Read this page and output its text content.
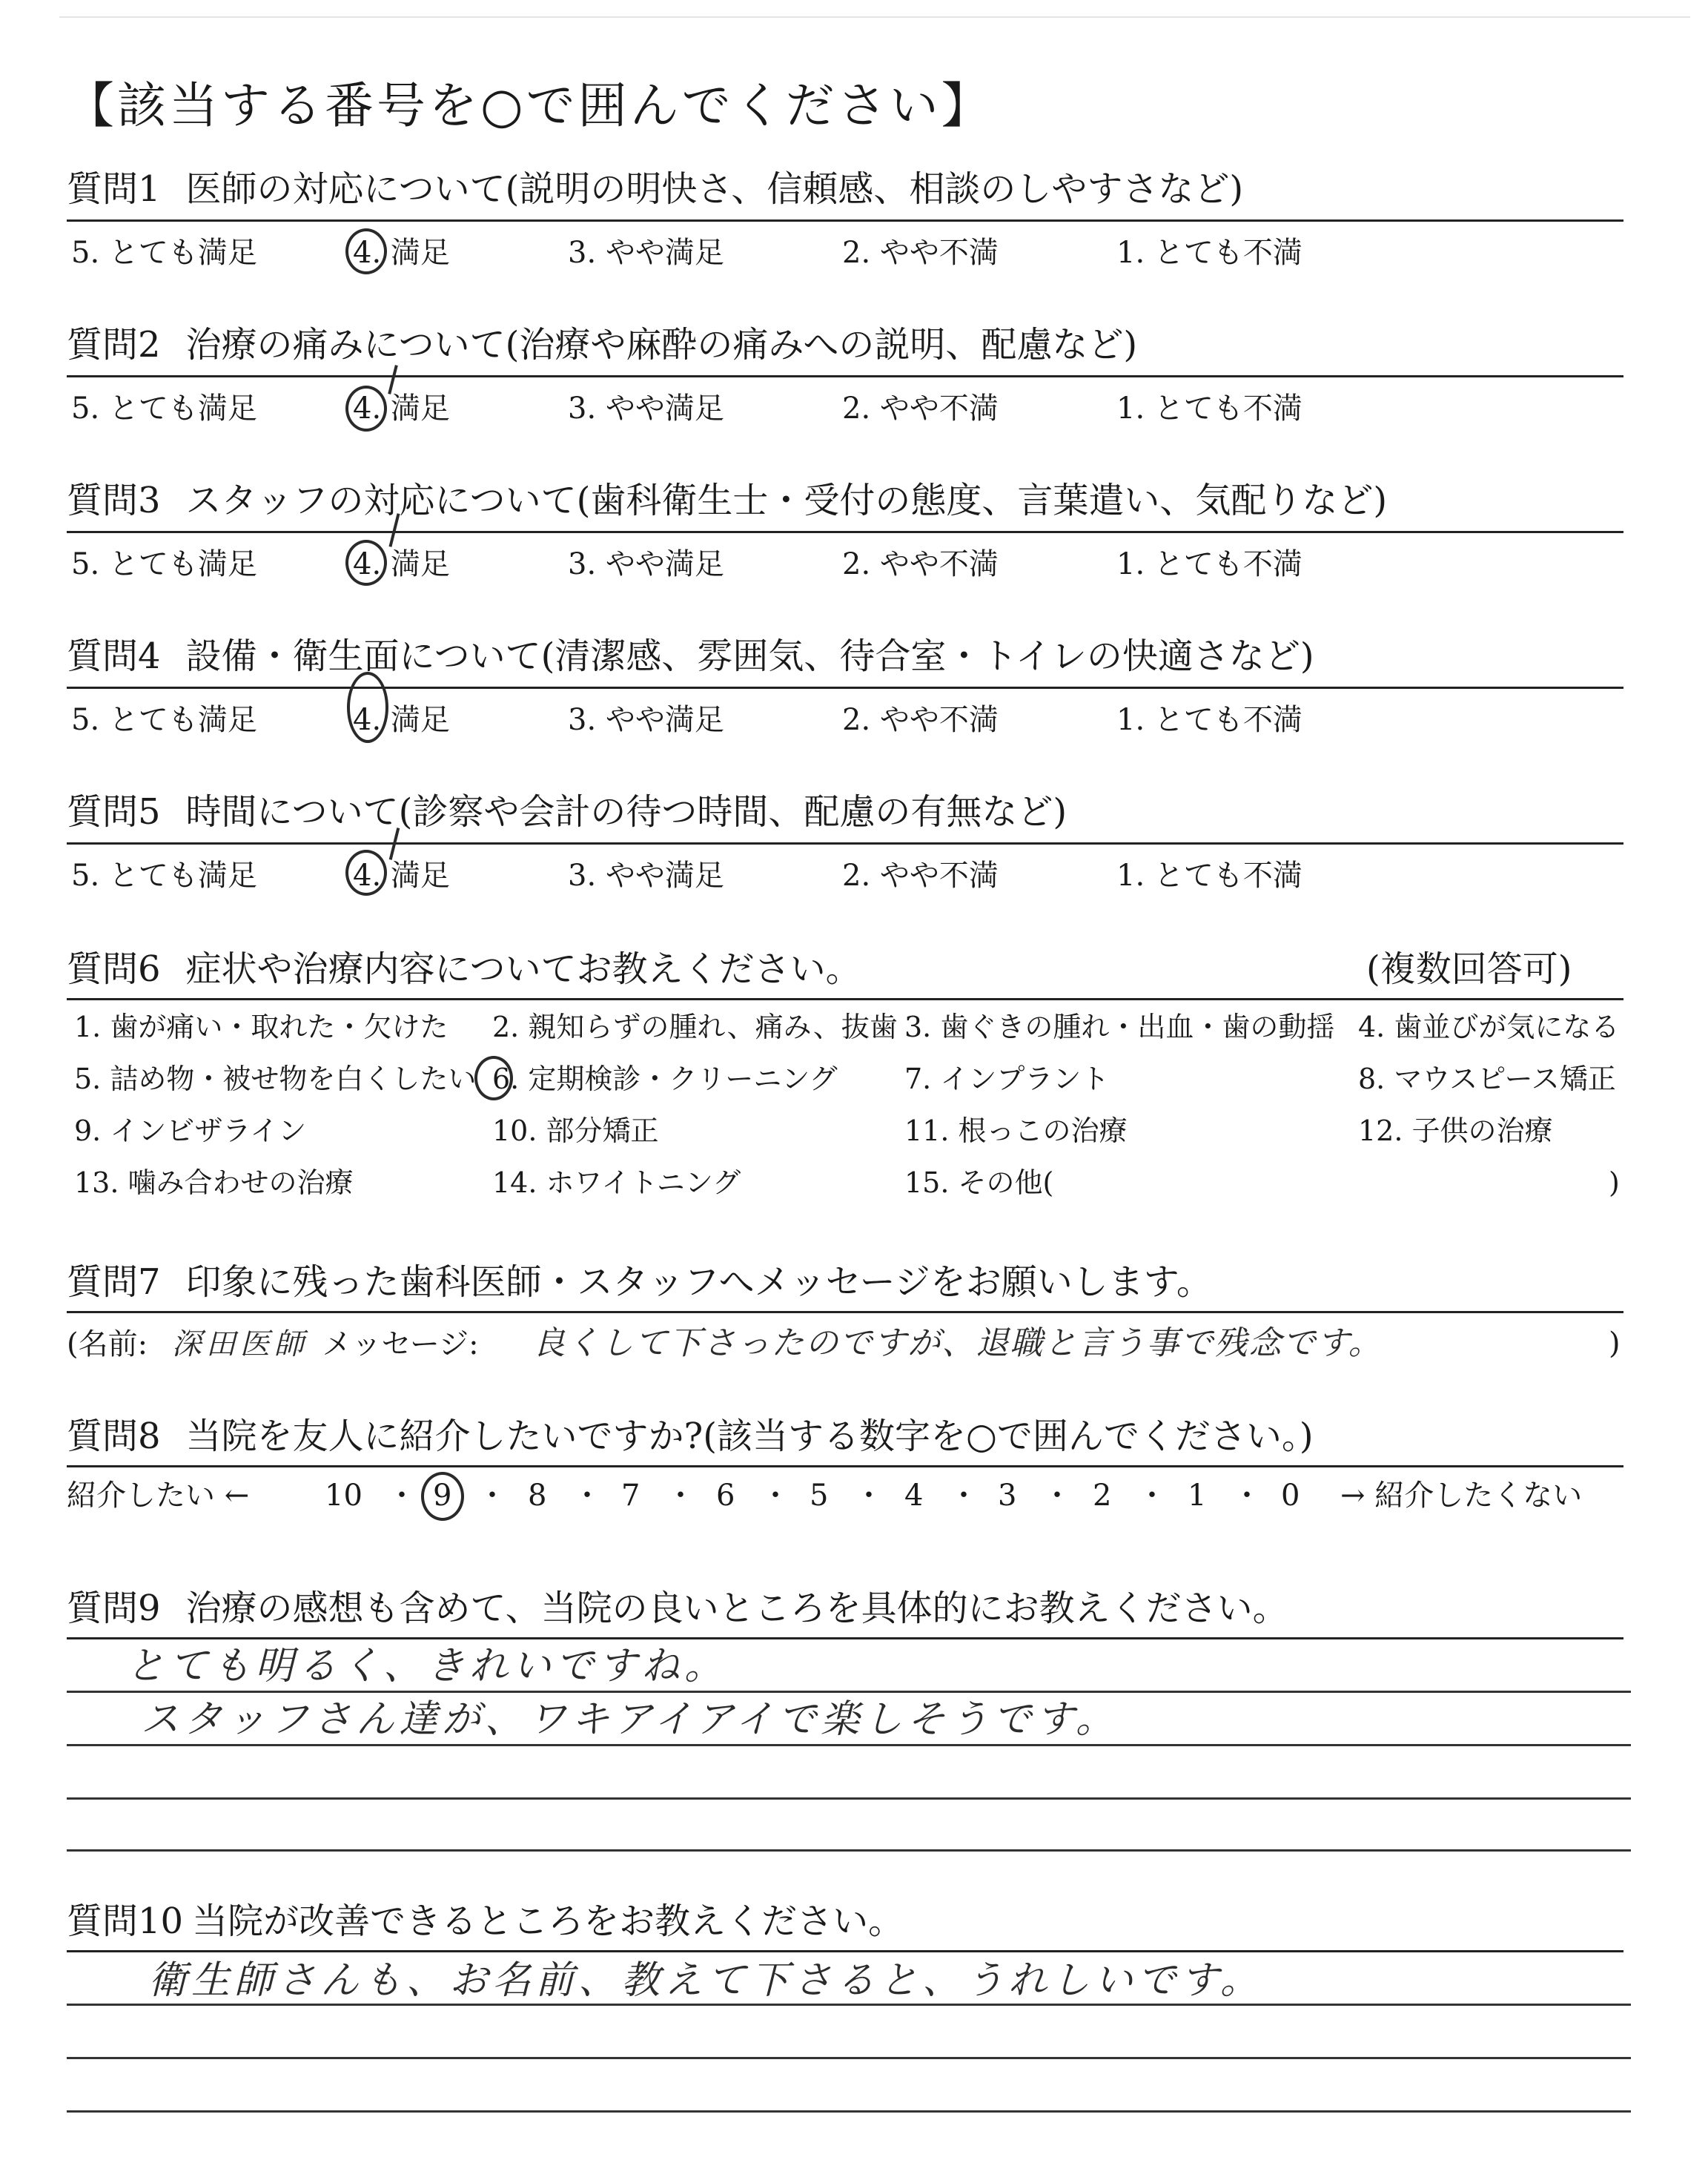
【該当する番号を○で囲んでください】
質問1 医師の対応について(説明の明快さ、信頼感、相談のしやすさなど)
5. とても満足	4. 満足	3. やや満足	2. やや不満	1. とても不満
質問2 治療の痛みについて(治療や麻酔の痛みへの説明、配慮など)
5. とても満足	4. 満足	3. やや満足	2. やや不満	1. とても不満
質問3 スタッフの対応について(歯科衛生士・受付の態度、言葉遣い、気配りなど)
5. とても満足	4. 満足	3. やや満足	2. やや不満	1. とても不満
質問4 設備・衛生面について(清潔感、雰囲気、待合室・トイレの快適さなど)
5. とても満足	4. 満足	3. やや満足	2. やや不満	1. とても不満
質問5 時間について(診察や会計の待つ時間、配慮の有無など)
5. とても満足	4. 満足	3. やや満足	2. やや不満	1. とても不満
質問6 症状や治療内容についてお教えください。	(複数回答可)
1. 歯が痛い・取れた・欠けた 2. 親知らずの腫れ、痛み、抜歯 3. 歯ぐきの腫れ・出血・歯の動揺 4. 歯並びが気になる
5. 詰め物・被せ物を白くしたい 6. 定期検診・クリーニング 7. インプラント	8. マウスピース矯正
9. インビザライン	10. 部分矯正	11. 根っこの治療	12. 子供の治療
13. 噛み合わせの治療	14. ホワイトニング	15. その他(	)
質問7 印象に残った歯科医師・スタッフへメッセージをお願いします。
(名前: 深田医師 メッセージ: 良くして下さったのですが、退職と言う事で残念です。	)
質問8 当院を友人に紹介したいですか?(該当する数字を○で囲んでください。)
紹介したい ←	10 ・ 9 ・ 8 ・ 7 ・ 6 ・ 5 ・ 4 ・ 3 ・ 2 ・ 1 ・ 0 → 紹介したくない
質問9 治療の感想も含めて、当院の良いところを具体的にお教えください。
とても明るく、きれいですね。
スタッフさん達が、ワキアイアイで楽しそうです。
質問10 当院が改善できるところをお教えください。
衛生師さんも、お名前、教えて下さると、うれしいです。
